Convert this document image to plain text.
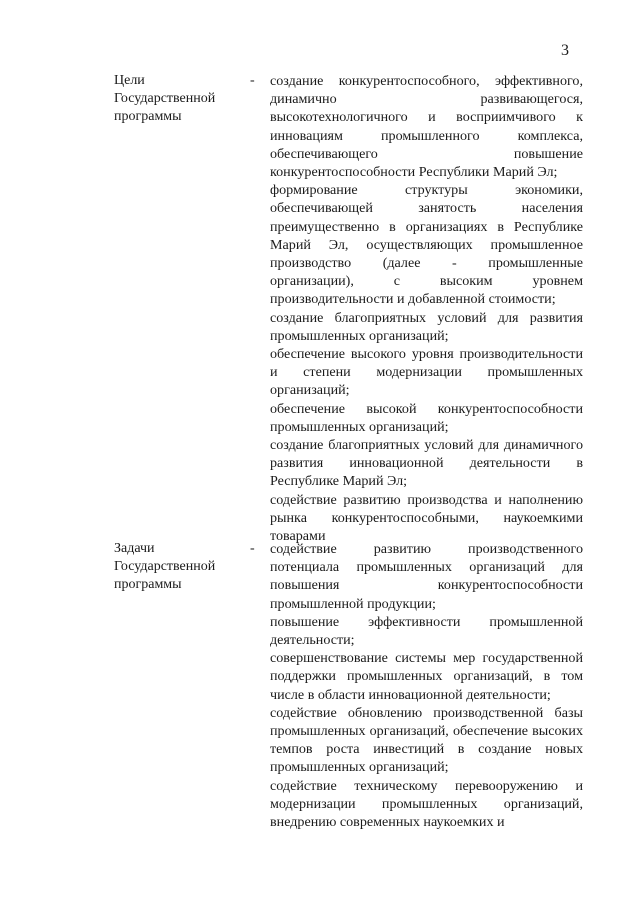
3
Цели
Государственной
программы
- создание конкурентоспособного, эффективного, динамично развивающегося, высокотехнологичного и восприимчивого к инновациям промышленного комплекса, обеспечивающего повышение конкурентоспособности Республики Марий Эл;

формирование структуры экономики, обеспечивающей занятость населения преимущественно в организациях в Республике Марий Эл, осуществляющих промышленное производство (далее - промышленные организации), с высоким уровнем производительности и добавленной стоимости;

создание благоприятных условий для развития промышленных организаций;

обеспечение высокого уровня производительности и степени модернизации промышленных организаций;

обеспечение высокой конкурентоспособности промышленных организаций;

создание благоприятных условий для динамичного развития инновационной деятельности в Республике Марий Эл;

содействие развитию производства и наполнению рынка конкурентоспособными, наукоемкими товарами

Задачи
Государственной
программы
- содействие развитию производственного потенциала промышленных организаций для повышения конкурентоспособности промышленной продукции;

повышение эффективности промышленной деятельности;

совершенствование системы мер государственной поддержки промышленных организаций, в том числе в области инновационной деятельности;

содействие обновлению производственной базы промышленных организаций, обеспечение высоких темпов роста инвестиций в создание новых промышленных организаций;

содействие техническому перевооружению и модернизации промышленных организаций, внедрению современных наукоемких и
